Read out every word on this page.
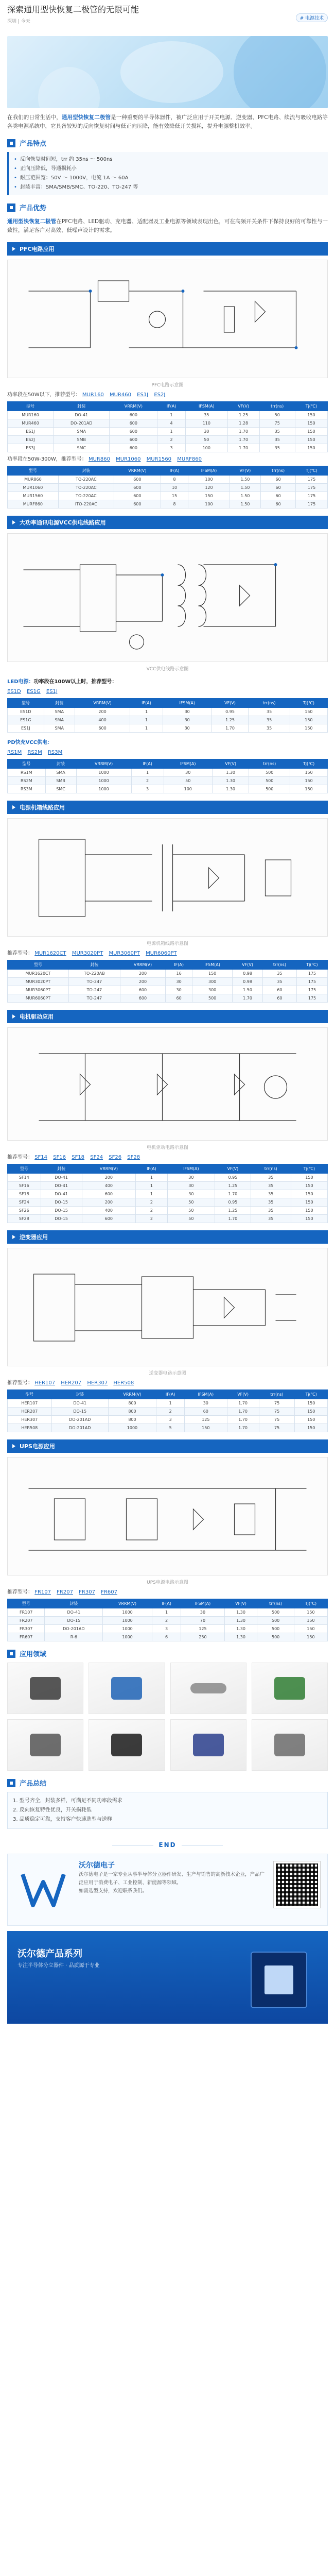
探索通用型快恢复二极管的无限可能
深圳 | 今天
# 电源技术

在我们的日常生活中，通用型快恢复二极管是一种重要的半导体器件，被广泛应用于开关电源、逆变器、PFC电路、续流与吸收电路等各类电源系统中，它具备较短的反向恢复时间与低正向压降，能有效降低开关损耗，提升电源整机效率。

产品特点
• 反向恢复时间短，trr 约 35ns ～ 500ns
• 正向压降低，导通损耗小
• 耐压范围宽：50V ～ 1000V，电流 1A ～ 60A
• 封装丰富：SMA/SMB/SMC、TO-220、TO-247 等
产品优势

通用型快恢复二极管在PFC电路、LED驱动、充电器、适配器及工业电源等领域表现出色，可在高频开关条件下保持良好的可靠性与一致性，满足客户对高效、低噪声设计的需求。

PFC电路应用
PFC电路示意图
功率段在50W以下，推荐型号： MUR160 MUR460 ES1J ES2J
型号	封装	VRRM(V)	IF(A)	IFSM(A)	VF(V)	trr(ns)	Tj(℃)
MUR160	DO-41	600	1	35	1.25	50	150
MUR460	DO-201AD	600	4	110	1.28	75	150
ES1J	SMA	600	1	30	1.70	35	150
ES2J	SMB	600	2	50	1.70	35	150
ES3J	SMC	600	3	100	1.70	35	150
功率段在50W-300W，推荐型号： MUR860 MUR1060 MUR1560 MURF860
型号	封装	VRRM(V)	IF(A)	IFSM(A)	VF(V)	trr(ns)	Tj(℃)
MUR860	TO-220AC	600	8	100	1.50	60	175
MUR1060	TO-220AC	600	10	120	1.50	60	175
MUR1560	TO-220AC	600	15	150	1.50	60	175
MURF860	ITO-220AC	600	8	100	1.50	60	175
大功率通讯电源VCC供电线路应用
VCC供电线路示意图
LED电源：功率段在100W以上时，推荐型号：
ES1D ES1G ES1J
型号	封装	VRRM(V)	IF(A)	IFSM(A)	VF(V)	trr(ns)	Tj(℃)
ES1D	SMA	200	1	30	0.95	35	150
ES1G	SMA	400	1	30	1.25	35	150
ES1J	SMA	600	1	30	1.70	35	150
PD快充VCC供电：
RS1M RS2M RS3M
型号	封装	VRRM(V)	IF(A)	IFSM(A)	VF(V)	trr(ns)	Tj(℃)
RS1M	SMA	1000	1	30	1.30	500	150
RS2M	SMB	1000	2	50	1.30	500	150
RS3M	SMC	1000	3	100	1.30	500	150
电源机箱线路应用
电源机箱线路示意图
推荐型号： MUR1620CT MUR3020PT MUR3060PT MUR6060PT
型号	封装	VRRM(V)	IF(A)	IFSM(A)	VF(V)	trr(ns)	Tj(℃)
MUR1620CT	TO-220AB	200	16	150	0.98	35	175
MUR3020PT	TO-247	200	30	300	0.98	35	175
MUR3060PT	TO-247	600	30	300	1.50	60	175
MUR6060PT	TO-247	600	60	500	1.70	60	175
电机驱动应用
电机驱动电路示意图
推荐型号： SF14 SF16 SF18 SF24 SF26 SF28
型号	封装	VRRM(V)	IF(A)	IFSM(A)	VF(V)	trr(ns)	Tj(℃)
SF14	DO-41	200	1	30	0.95	35	150
SF16	DO-41	400	1	30	1.25	35	150
SF18	DO-41	600	1	30	1.70	35	150
SF24	DO-15	200	2	50	0.95	35	150
SF26	DO-15	400	2	50	1.25	35	150
SF28	DO-15	600	2	50	1.70	35	150
逆变器应用
逆变器电路示意图
推荐型号： HER107 HER207 HER307 HER508
型号	封装	VRRM(V)	IF(A)	IFSM(A)	VF(V)	trr(ns)	Tj(℃)
HER107	DO-41	800	1	30	1.70	75	150
HER207	DO-15	800	2	60	1.70	75	150
HER307	DO-201AD	800	3	125	1.70	75	150
HER508	DO-201AD	1000	5	150	1.70	75	150
UPS电源应用
UPS电源电路示意图
推荐型号： FR107 FR207 FR307 FR607
型号	封装	VRRM(V)	IF(A)	IFSM(A)	VF(V)	trr(ns)	Tj(℃)
FR107	DO-41	1000	1	30	1.30	500	150
FR207	DO-15	1000	2	70	1.30	500	150
FR307	DO-201AD	1000	3	125	1.30	500	150
FR607	R-6	1000	6	250	1.30	500	150
应用领域
产品总结
1. 型号齐全，封装多样，可满足不同功率段需求
2. 反向恢复特性优良，开关损耗低
3. 品质稳定可靠，支持客户快速选型与送样
END
沃尔德电子
沃尔德电子是一家专业从事半导体分立器件研发、生产与销售的高新技术企业，产品广泛应用于消费电子、工业控制、新能源等领域。
如需选型支持，欢迎联系我们。
沃尔德产品系列
专注半导体分立器件 · 品质源于专业
